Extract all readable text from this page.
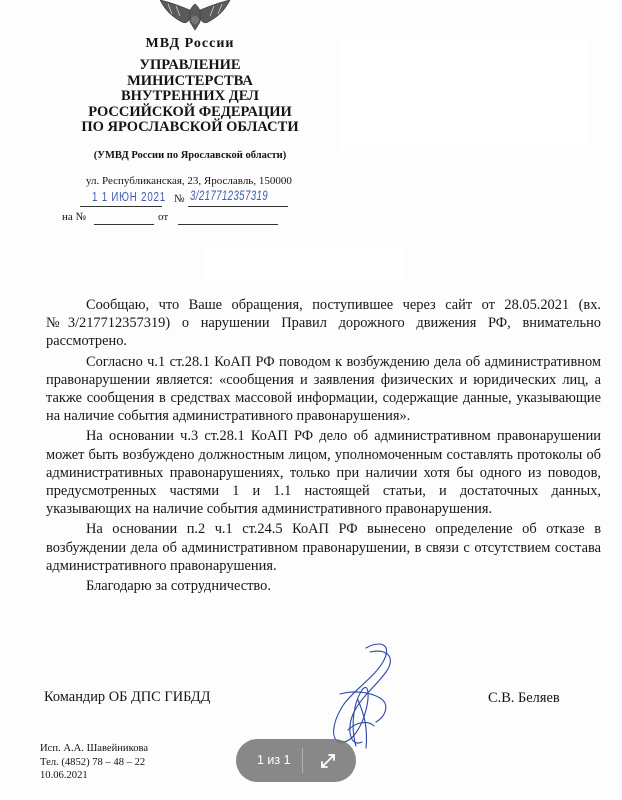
МВД России
УПРАВЛЕНИЕ
МИНИСТЕРСТВА
ВНУТРЕННИХ ДЕЛ
РОССИЙСКОЙ ФЕДЕРАЦИИ
ПО ЯРОСЛАВСКОЙ ОБЛАСТИ
(УМВД России по Ярославской области)
ул. Республиканская, 23, Ярославль, 150000
1 1 ИЮН 2021 № 3/217712357319
на №	от

Сообщаю, что Ваше обращения, поступившее через сайт от 28.05.2021 (вх. №3/217712357319) о нарушении Правил дорожного движения РФ, внимательно рассмотрено.

Согласно ч.1 ст.28.1 КоАП РФ поводом к возбуждению дела об административном правонарушении является: «сообщения и заявления физических и юридических лиц, а также сообщения в средствах массовой информации, содержащие данные, указывающие на наличие события административного правонарушения».

На основании ч.3 ст.28.1 КоАП РФ дело об административном правонарушении может быть возбуждено должностным лицом, уполномоченным составлять протоколы об административных правонарушениях, только при наличии хотя бы одного из поводов, предусмотренных частями 1 и 1.1 настоящей статьи, и достаточных данных, указывающих на наличие события административного правонарушения.

На основании п.2 ч.1 ст.24.5 КоАП РФ вынесено определение об отказе в возбуждении дела об административном правонарушении, в связи с отсутствием состава административного правонарушения.

Благодарю за сотрудничество.

Командир ОБ ДПС ГИБДД	С.В. Беляев
Исп. А.А. Шавейникова
Тел. (4852) 78 – 48 – 22
10.06.2021
1 из 1
